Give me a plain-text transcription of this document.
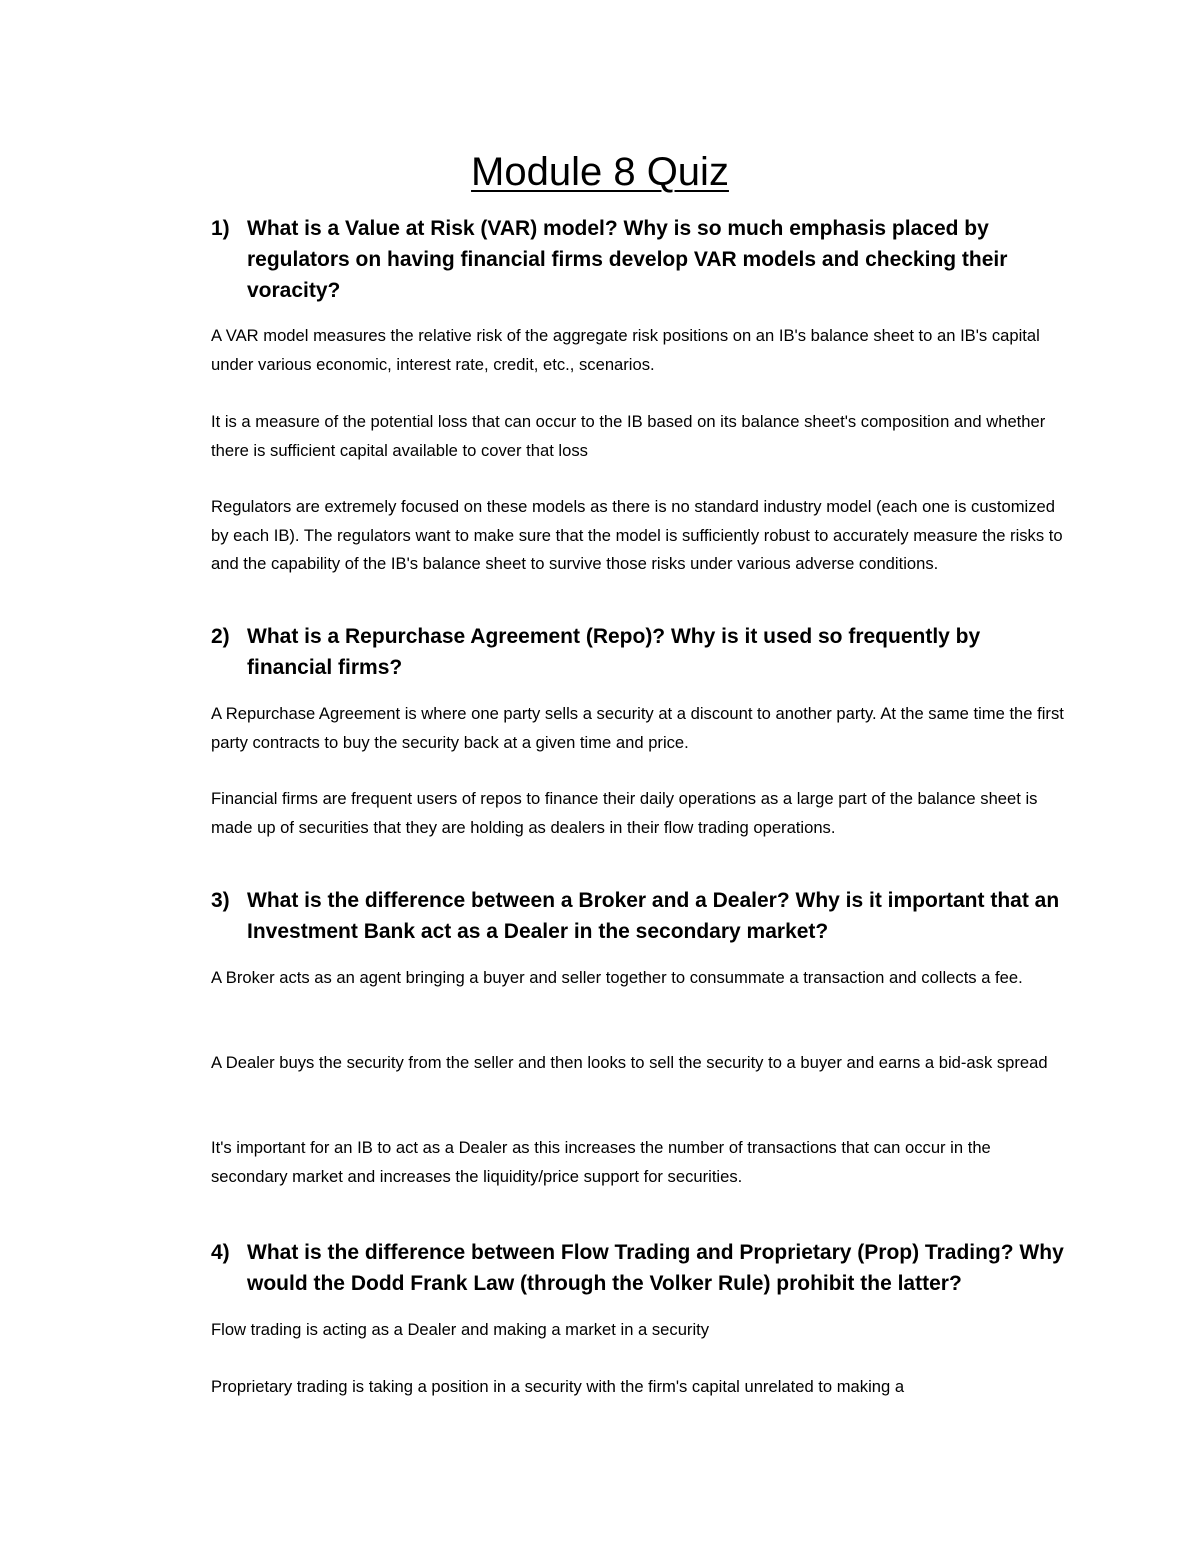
Module 8 Quiz
1) What is a Value at Risk (VAR) model? Why is so much emphasis placed by regulators on having financial firms develop VAR models and checking their voracity?

A VAR model measures the relative risk of the aggregate risk positions on an IB's balance sheet to an IB's capital under various economic, interest rate, credit, etc., scenarios.

It is a measure of the potential loss that can occur to the IB based on its balance sheet's composition and whether there is sufficient capital available to cover that loss

Regulators are extremely focused on these models as there is no standard industry model (each one is customized by each IB). The regulators want to make sure that the model is sufficiently robust to accurately measure the risks to and the capability of the IB's balance sheet to survive those risks under various adverse conditions.

2) What is a Repurchase Agreement (Repo)? Why is it used so frequently by financial firms?

A Repurchase Agreement is where one party sells a security at a discount to another party. At the same time the first party contracts to buy the security back at a given time and price.

Financial firms are frequent users of repos to finance their daily operations as a large part of the balance sheet is made up of securities that they are holding as dealers in their flow trading operations.

3) What is the difference between a Broker and a Dealer? Why is it important that an Investment Bank act as a Dealer in the secondary market?

A Broker acts as an agent bringing a buyer and seller together to consummate a transaction and collects a fee.

A Dealer buys the security from the seller and then looks to sell the security to a buyer and earns a bid-ask spread

It's important for an IB to act as a Dealer as this increases the number of transactions that can occur in the secondary market and increases the liquidity/price support for securities.

4) What is the difference between Flow Trading and Proprietary (Prop) Trading? Why would the Dodd Frank Law (through the Volker Rule) prohibit the latter?

Flow trading is acting as a Dealer and making a market in a security

Proprietary trading is taking a position in a security with the firm's capital unrelated to making a
